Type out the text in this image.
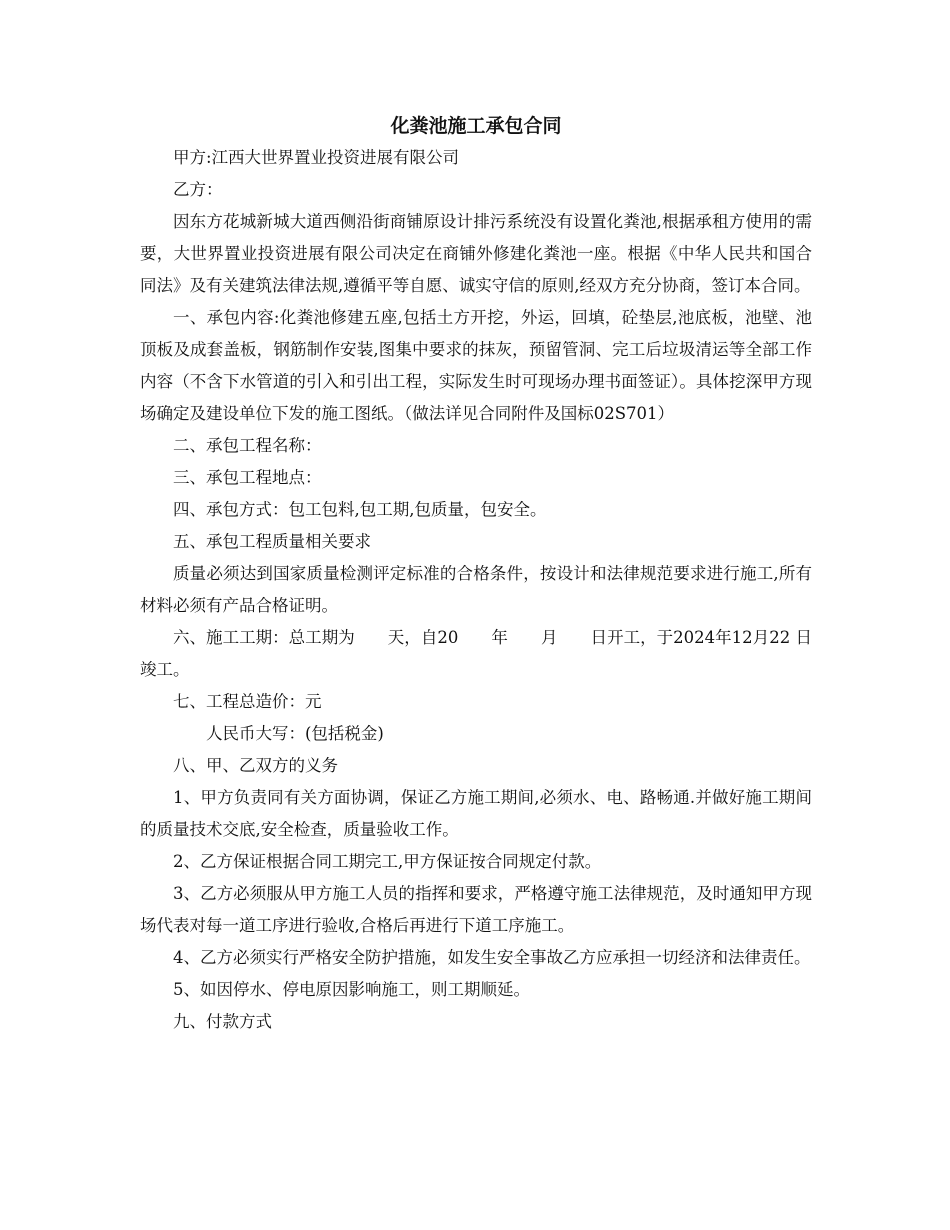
化粪池施工承包合同

甲方:江西大世界置业投资进展有限公司

乙方：

因东方花城新城大道西侧沿街商铺原设计排污系统没有设置化粪池,根据承租方使用的需要，大世界置业投资进展有限公司决定在商铺外修建化粪池一座。根据《中华人民共和国合同法》及有关建筑法律法规,遵循平等自愿、诚实守信的原则,经双方充分协商，签订本合同。

一、承包内容:化粪池修建五座,包括土方开挖，外运，回填，砼垫层,池底板，池壁、池顶板及成套盖板，钢筋制作安装,图集中要求的抹灰，预留管洞、完工后垃圾清运等全部工作内容（不含下水管道的引入和引出工程，实际发生时可现场办理书面签证）。具体挖深甲方现场确定及建设单位下发的施工图纸。（做法详见合同附件及国标02S701）

二、承包工程名称：

三、承包工程地点：

四、承包方式：包工包料,包工期,包质量，包安全。

五、承包工程质量相关要求

质量必须达到国家质量检测评定标准的合格条件，按设计和法律规范要求进行施工,所有材料必须有产品合格证明。

六、施工工期：总工期为　　天，自20　　年　　月　　日开工，于2024年12月22 日竣工。

七、工程总造价：元

人民币大写：(包括税金)

八、甲、乙双方的义务

1、甲方负责同有关方面协调，保证乙方施工期间,必须水、电、路畅通.并做好施工期间的质量技术交底,安全检查，质量验收工作。

2、乙方保证根据合同工期完工,甲方保证按合同规定付款。

3、乙方必须服从甲方施工人员的指挥和要求，严格遵守施工法律规范，及时通知甲方现场代表对每一道工序进行验收,合格后再进行下道工序施工。

4、乙方必须实行严格安全防护措施，如发生安全事故乙方应承担一切经济和法律责任。

5、如因停水、停电原因影响施工，则工期顺延。

九、付款方式
